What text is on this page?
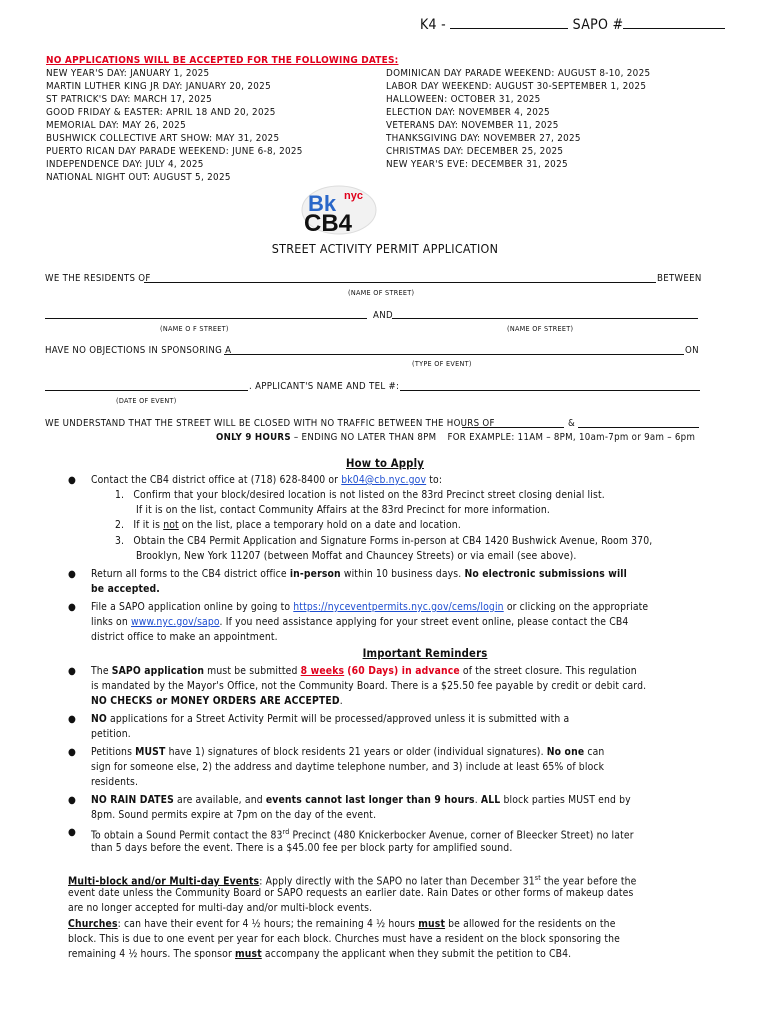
K4 -	SAPO #
NO APPLICATIONS WILL BE ACCEPTED FOR THE FOLLOWING DATES:
NEW YEAR'S DAY: JANUARY 1, 2025
MARTIN LUTHER KING JR DAY: JANUARY 20, 2025
ST PATRICK'S DAY: MARCH 17, 2025
GOOD FRIDAY & EASTER: APRIL 18 AND 20, 2025
MEMORIAL DAY: MAY 26, 2025
BUSHWICK COLLECTIVE ART SHOW: MAY 31, 2025
PUERTO RICAN DAY PARADE WEEKEND: JUNE 6-8, 2025
INDEPENDENCE DAY: JULY 4, 2025
NATIONAL NIGHT OUT: AUGUST 5, 2025
DOMINICAN DAY PARADE WEEKEND: AUGUST 8-10, 2025
LABOR DAY WEEKEND: AUGUST 30-SEPTEMBER 1, 2025
HALLOWEEN: OCTOBER 31, 2025
ELECTION DAY: NOVEMBER 4, 2025
VETERANS DAY: NOVEMBER 11, 2025
THANKSGIVING DAY: NOVEMBER 27, 2025
CHRISTMAS DAY: DECEMBER 25, 2025
NEW YEAR'S EVE: DECEMBER 31, 2025
Bk nyc
CB4
STREET ACTIVITY PERMIT APPLICATION
WE THE RESIDENTS OF	BETWEEN
(NAME OF STREET)
AND
(NAME O F STREET)	(NAME OF STREET)
HAVE NO OBJECTIONS IN SPONSORING A	ON
(TYPE OF EVENT)
. APPLICANT'S NAME AND TEL #:
(DATE OF EVENT)
WE UNDERSTAND THAT THE STREET WILL BE CLOSED WITH NO TRAFFIC BETWEEN THE HOURS OF	&
ONLY 9 HOURS – ENDING NO LATER THAN 8PM FOR EXAMPLE: 11AM – 8PM, 10am-7pm or 9am – 6pm
How to Apply
● Contact the CB4 district office at (718) 628-8400 or bk04@cb.nyc.gov to:
1. Confirm that your block/desired location is not listed on the 83rd Precinct street closing denial list.
If it is on the list, contact Community Affairs at the 83rd Precinct for more information.
2. If it is not on the list, place a temporary hold on a date and location.
3. Obtain the CB4 Permit Application and Signature Forms in-person at CB4 1420 Bushwick Avenue, Room 370,
Brooklyn, New York 11207 (between Moffat and Chauncey Streets) or via email (see above).
● Return all forms to the CB4 district office in-person within 10 business days. No electronic submissions will
be accepted.
● File a SAPO application online by going to https://nyceventpermits.nyc.gov/cems/login or clicking on the appropriate
links on www.nyc.gov/sapo. If you need assistance applying for your street event online, please contact the CB4
district office to make an appointment.
Important Reminders
● The SAPO application must be submitted 8 weeks (60 Days) in advance of the street closure. This regulation
is mandated by the Mayor's Office, not the Community Board. There is a $25.50 fee payable by credit or debit card.
NO CHECKS or MONEY ORDERS ARE ACCEPTED.
● NO applications for a Street Activity Permit will be processed/approved unless it is submitted with a
petition.
● Petitions MUST have 1) signatures of block residents 21 years or older (individual signatures). No one can
sign for someone else, 2) the address and daytime telephone number, and 3) include at least 65% of block
residents.
● NO RAIN DATES are available, and events cannot last longer than 9 hours. ALL block parties MUST end by
8pm. Sound permits expire at 7pm on the day of the event.
● To obtain a Sound Permit contact the 83rd Precinct (480 Knickerbocker Avenue, corner of Bleecker Street) no later
than 5 days before the event. There is a $45.00 fee per block party for amplified sound.
Multi-block and/or Multi-day Events: Apply directly with the SAPO no later than December 31st the year before the
event date unless the Community Board or SAPO requests an earlier date. Rain Dates or other forms of makeup dates
are no longer accepted for multi-day and/or multi-block events.
Churches: can have their event for 4 ½ hours; the remaining 4 ½ hours must be allowed for the residents on the
block. This is due to one event per year for each block. Churches must have a resident on the block sponsoring the
remaining 4 ½ hours. The sponsor must accompany the applicant when they submit the petition to CB4.
